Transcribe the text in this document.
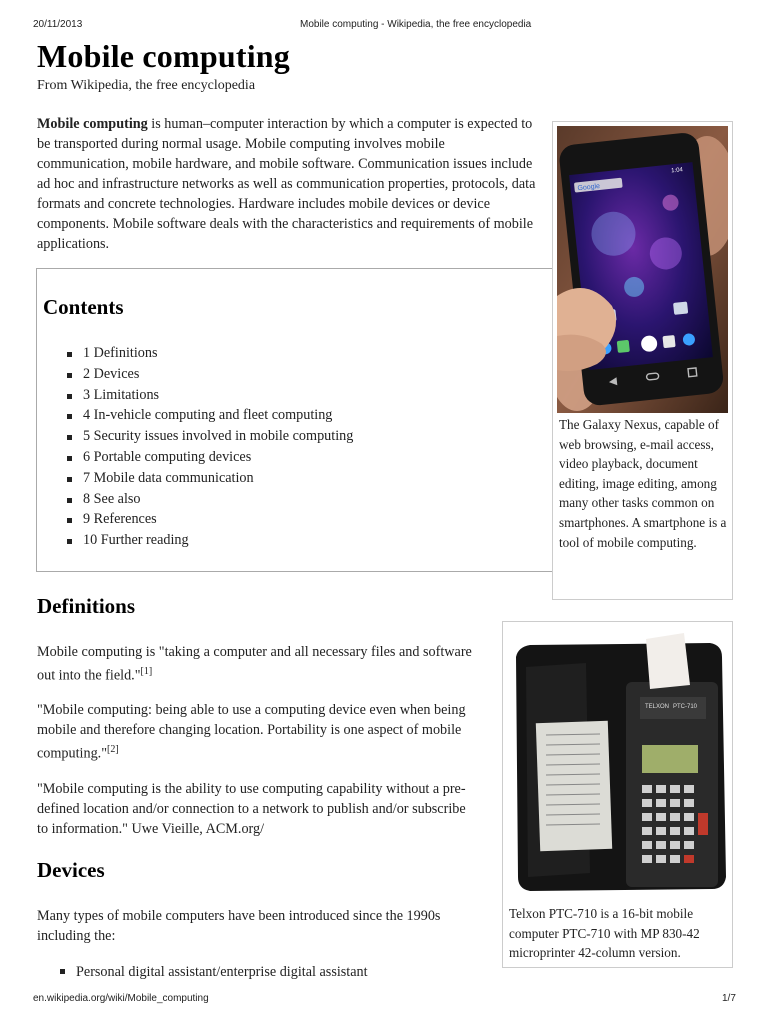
20/11/2013	Mobile computing - Wikipedia, the free encyclopedia
Mobile computing
From Wikipedia, the free encyclopedia

Mobile computing is human–computer interaction by which a computer is expected to be transported during normal usage. Mobile computing involves mobile communication, mobile hardware, and mobile software. Communication issues include ad hoc and infrastructure networks as well as communication properties, protocols, data formats and concrete technologies. Hardware includes mobile devices or device components. Mobile software deals with the characteristics and requirements of mobile applications.

Contents
1 Definitions
2 Devices
3 Limitations
4 In-vehicle computing and fleet computing
5 Security issues involved in mobile computing
6 Portable computing devices
7 Mobile data communication
8 See also
9 References
10 Further reading
Google
1:04

The Galaxy Nexus, capable of web browsing, e-mail access, video playback, document editing, image editing, among many other tasks common on smartphones. A smartphone is a tool of mobile computing.

Definitions

Mobile computing is "taking a computer and all necessary files and software out into the field."[1]

"Mobile computing: being able to use a computing device even when being mobile and therefore changing location. Portability is one aspect of mobile computing."[2]

"Mobile computing is the ability to use computing capability without a pre-defined location and/or connection to a network to publish and/or subscribe to information." Uwe Vieille, ACM.org/

Devices

Many types of mobile computers have been introduced since the 1990s including the:

Personal digital assistant/enterprise digital assistant
TELXON PTC-710

Telxon PTC-710 is a 16-bit mobile computer PTC-710 with MP 830-42 microprinter 42-column version.

en.wikipedia.org/wiki/Mobile_computing	1/7
